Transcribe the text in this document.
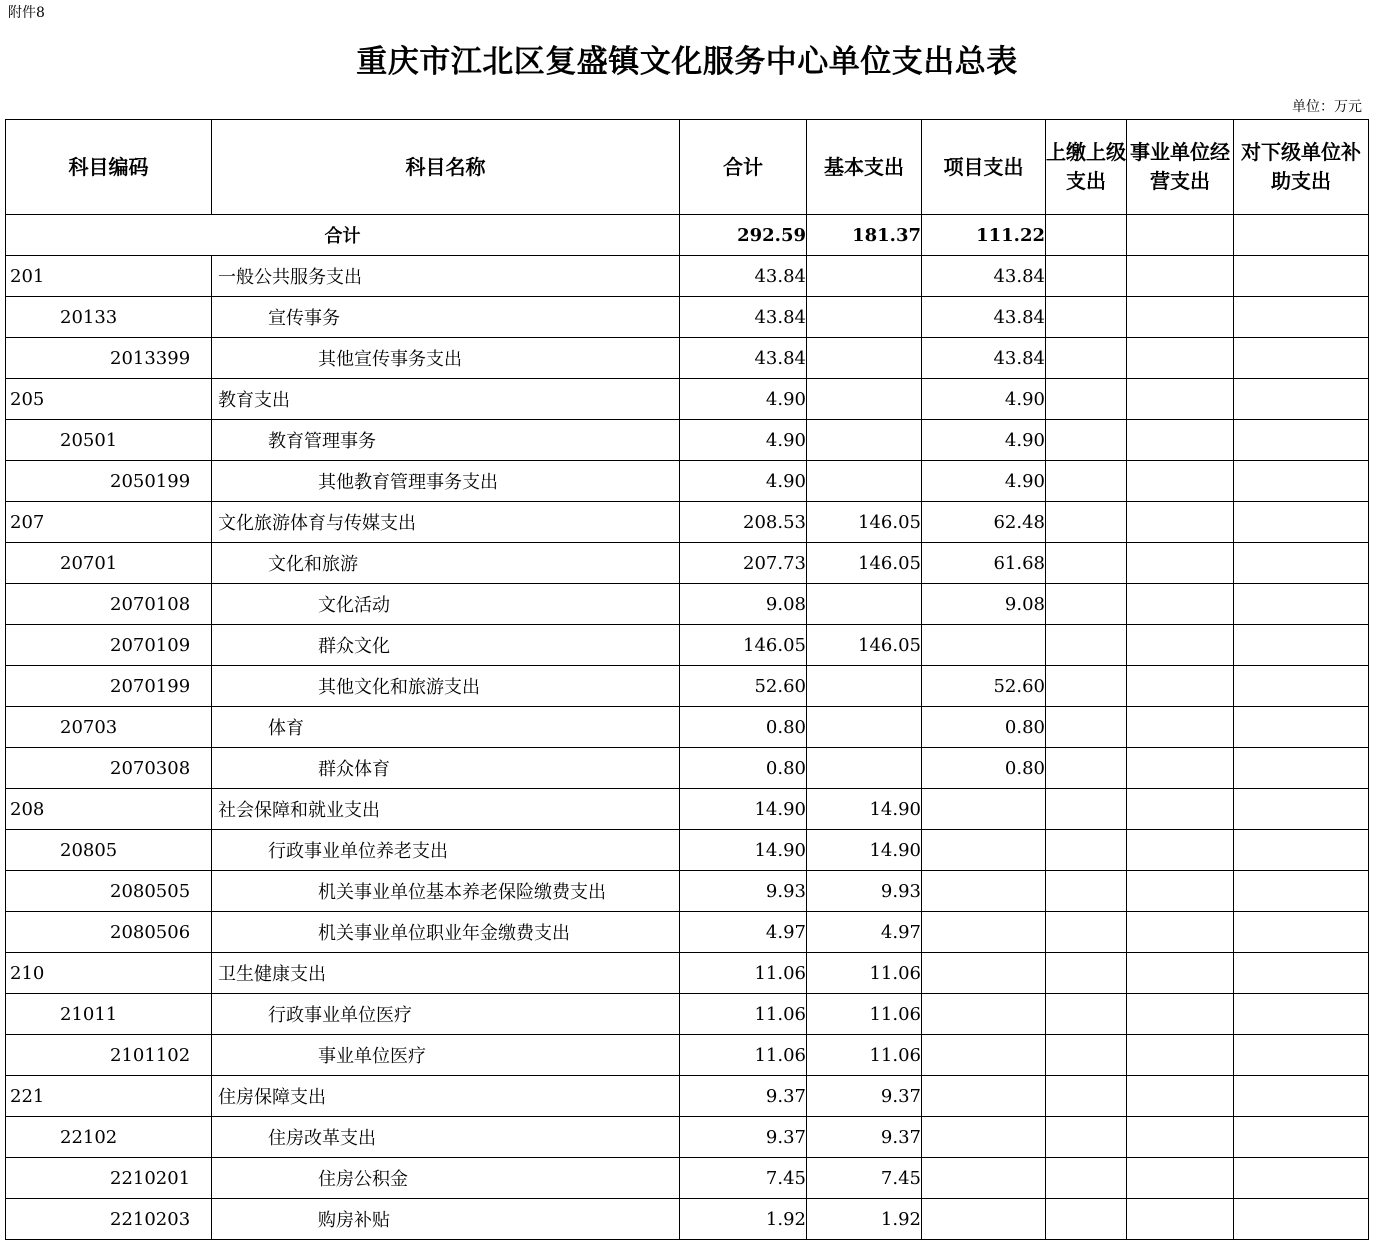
附件8
重庆市江北区复盛镇文化服务中心单位支出总表
单位：万元
科目编码	科目名称	合计	基本支出	项目支出	上缴上级支出	事业单位经营支出	对下级单位补助支出
合计		292.59	181.37	111.22			
201	一般公共服务支出	43.84		43.84			
20133	宣传事务	43.84		43.84			
2013399	其他宣传事务支出	43.84		43.84			
205	教育支出	4.90		4.90			
20501	教育管理事务	4.90		4.90			
2050199	其他教育管理事务支出	4.90		4.90			
207	文化旅游体育与传媒支出	208.53	146.05	62.48			
20701	文化和旅游	207.73	146.05	61.68			
2070108	文化活动	9.08		9.08			
2070109	群众文化	146.05	146.05				
2070199	其他文化和旅游支出	52.60		52.60			
20703	体育	0.80		0.80			
2070308	群众体育	0.80		0.80			
208	社会保障和就业支出	14.90	14.90				
20805	行政事业单位养老支出	14.90	14.90				
2080505	机关事业单位基本养老保险缴费支出	9.93	9.93				
2080506	机关事业单位职业年金缴费支出	4.97	4.97				
210	卫生健康支出	11.06	11.06				
21011	行政事业单位医疗	11.06	11.06				
2101102	事业单位医疗	11.06	11.06				
221	住房保障支出	9.37	9.37				
22102	住房改革支出	9.37	9.37				
2210201	住房公积金	7.45	7.45				
2210203	购房补贴	1.92	1.92				
